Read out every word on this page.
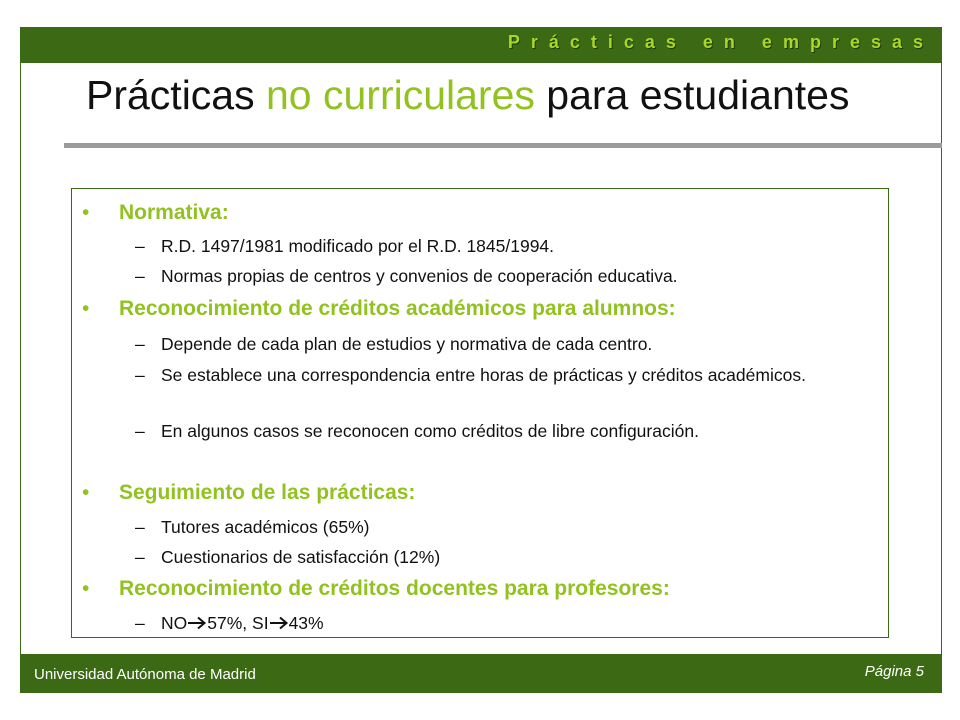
Prácticas en empresas
Prácticas no curriculares para estudiantes
•	Normativa:
– R.D. 1497/1981 modificado por el R.D. 1845/1994.
– Normas propias de centros y convenios de cooperación educativa.
•	Reconocimiento de créditos académicos para alumnos:
– Depende de cada plan de estudios y normativa de cada centro.
– Se establece una correspondencia entre horas de prácticas y créditos académicos.
– En algunos casos se reconocen como créditos de libre configuración.
•	Seguimiento de las prácticas:
– Tutores académicos (65%)
– Cuestionarios de satisfacción (12%)
•	Reconocimiento de créditos docentes para profesores:
– NO 57%, SI 43%
Universidad Autónoma de Madrid	Página 5
